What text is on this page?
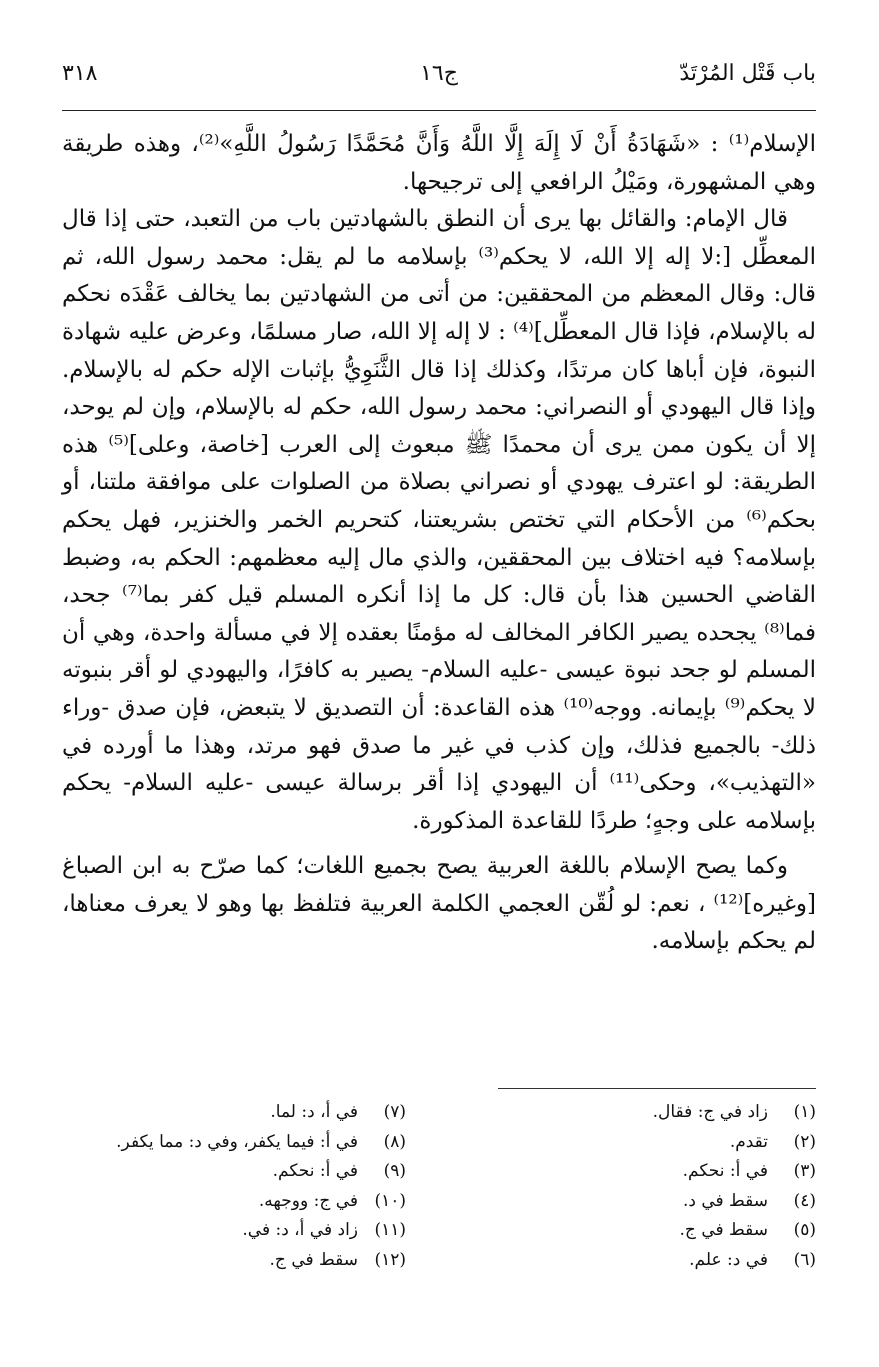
باب قَتْل المُرْتَدّ
ج١٦
٣١٨

الإسلام⁽¹⁾ : «شَهَادَةُ أَنْ لَا إِلَهَ إِلَّا اللَّهُ وَأَنَّ مُحَمَّدًا رَسُولُ اللَّهِ»⁽²⁾، وهذه طريقة وهي المشهورة، ومَيْلُ الرافعي إلى ترجيحها.

قال الإمام: والقائل بها يرى أن النطق بالشهادتين باب من التعبد، حتى إذا قال المعطِّل [:لا إله إلا الله، لا يحكم⁽³⁾ بإسلامه ما لم يقل: محمد رسول الله، ثم قال: وقال المعظم من المحققين: من أتى من الشهادتين بما يخالف عَقْدَه نحكم له بالإسلام، فإذا قال المعطِّل]⁽⁴⁾ : لا إله إلا الله، صار مسلمًا، وعرض عليه شهادة النبوة، فإن أباها كان مرتدًا، وكذلك إذا قال الثَّنَوِيُّ بإثبات الإله حكم له بالإسلام. وإذا قال اليهودي أو النصراني: محمد رسول الله، حكم له بالإسلام، وإن لم يوحد، إلا أن يكون ممن يرى أن محمدًا ﷺ مبعوث إلى العرب [خاصة، وعلى]⁽⁵⁾ هذه الطريقة: لو اعترف يهودي أو نصراني بصلاة من الصلوات على موافقة ملتنا، أو بحكم⁽⁶⁾ من الأحكام التي تختص بشريعتنا، كتحريم الخمر والخنزير، فهل يحكم بإسلامه؟ فيه اختلاف بين المحققين، والذي مال إليه معظمهم: الحكم به، وضبط القاضي الحسين هذا بأن قال: كل ما إذا أنكره المسلم قيل كفر بما⁽⁷⁾ جحد، فما⁽⁸⁾ يجحده يصير الكافر المخالف له مؤمنًا بعقده إلا في مسألة واحدة، وهي أن المسلم لو جحد نبوة عيسى -عليه السلام- يصير به كافرًا، واليهودي لو أقر بنبوته لا يحكم⁽⁹⁾ بإيمانه. ووجه⁽¹⁰⁾ هذه القاعدة: أن التصديق لا يتبعض، فإن صدق -وراء ذلك- بالجميع فذلك، وإن كذب في غير ما صدق فهو مرتد، وهذا ما أورده في «التهذيب»، وحكى⁽¹¹⁾ أن اليهودي إذا أقر برسالة عيسى -عليه السلام- يحكم بإسلامه على وجهٍ؛ طردًا للقاعدة المذكورة.

وكما يصح الإسلام باللغة العربية يصح بجميع اللغات؛ كما صرّح به ابن الصباغ [وغيره]⁽¹²⁾ ، نعم: لو لُقّن العجمي الكلمة العربية فتلفظ بها وهو لا يعرف معناها، لم يحكم بإسلامه.

(١)زاد في ج: فقال.
(٢)تقدم.
(٣)في أ: نحكم.
(٤)سقط في د.
(٥)سقط في ج.
(٦)في د: علم.
(٧)في أ، د: لما.
(٨)في أ: فيما يكفر، وفي د: مما يكفر.
(٩)في أ: نحكم.
(١٠)في ج: ووجهه.
(١١)زاد في أ، د: في.
(١٢)سقط في ج.
